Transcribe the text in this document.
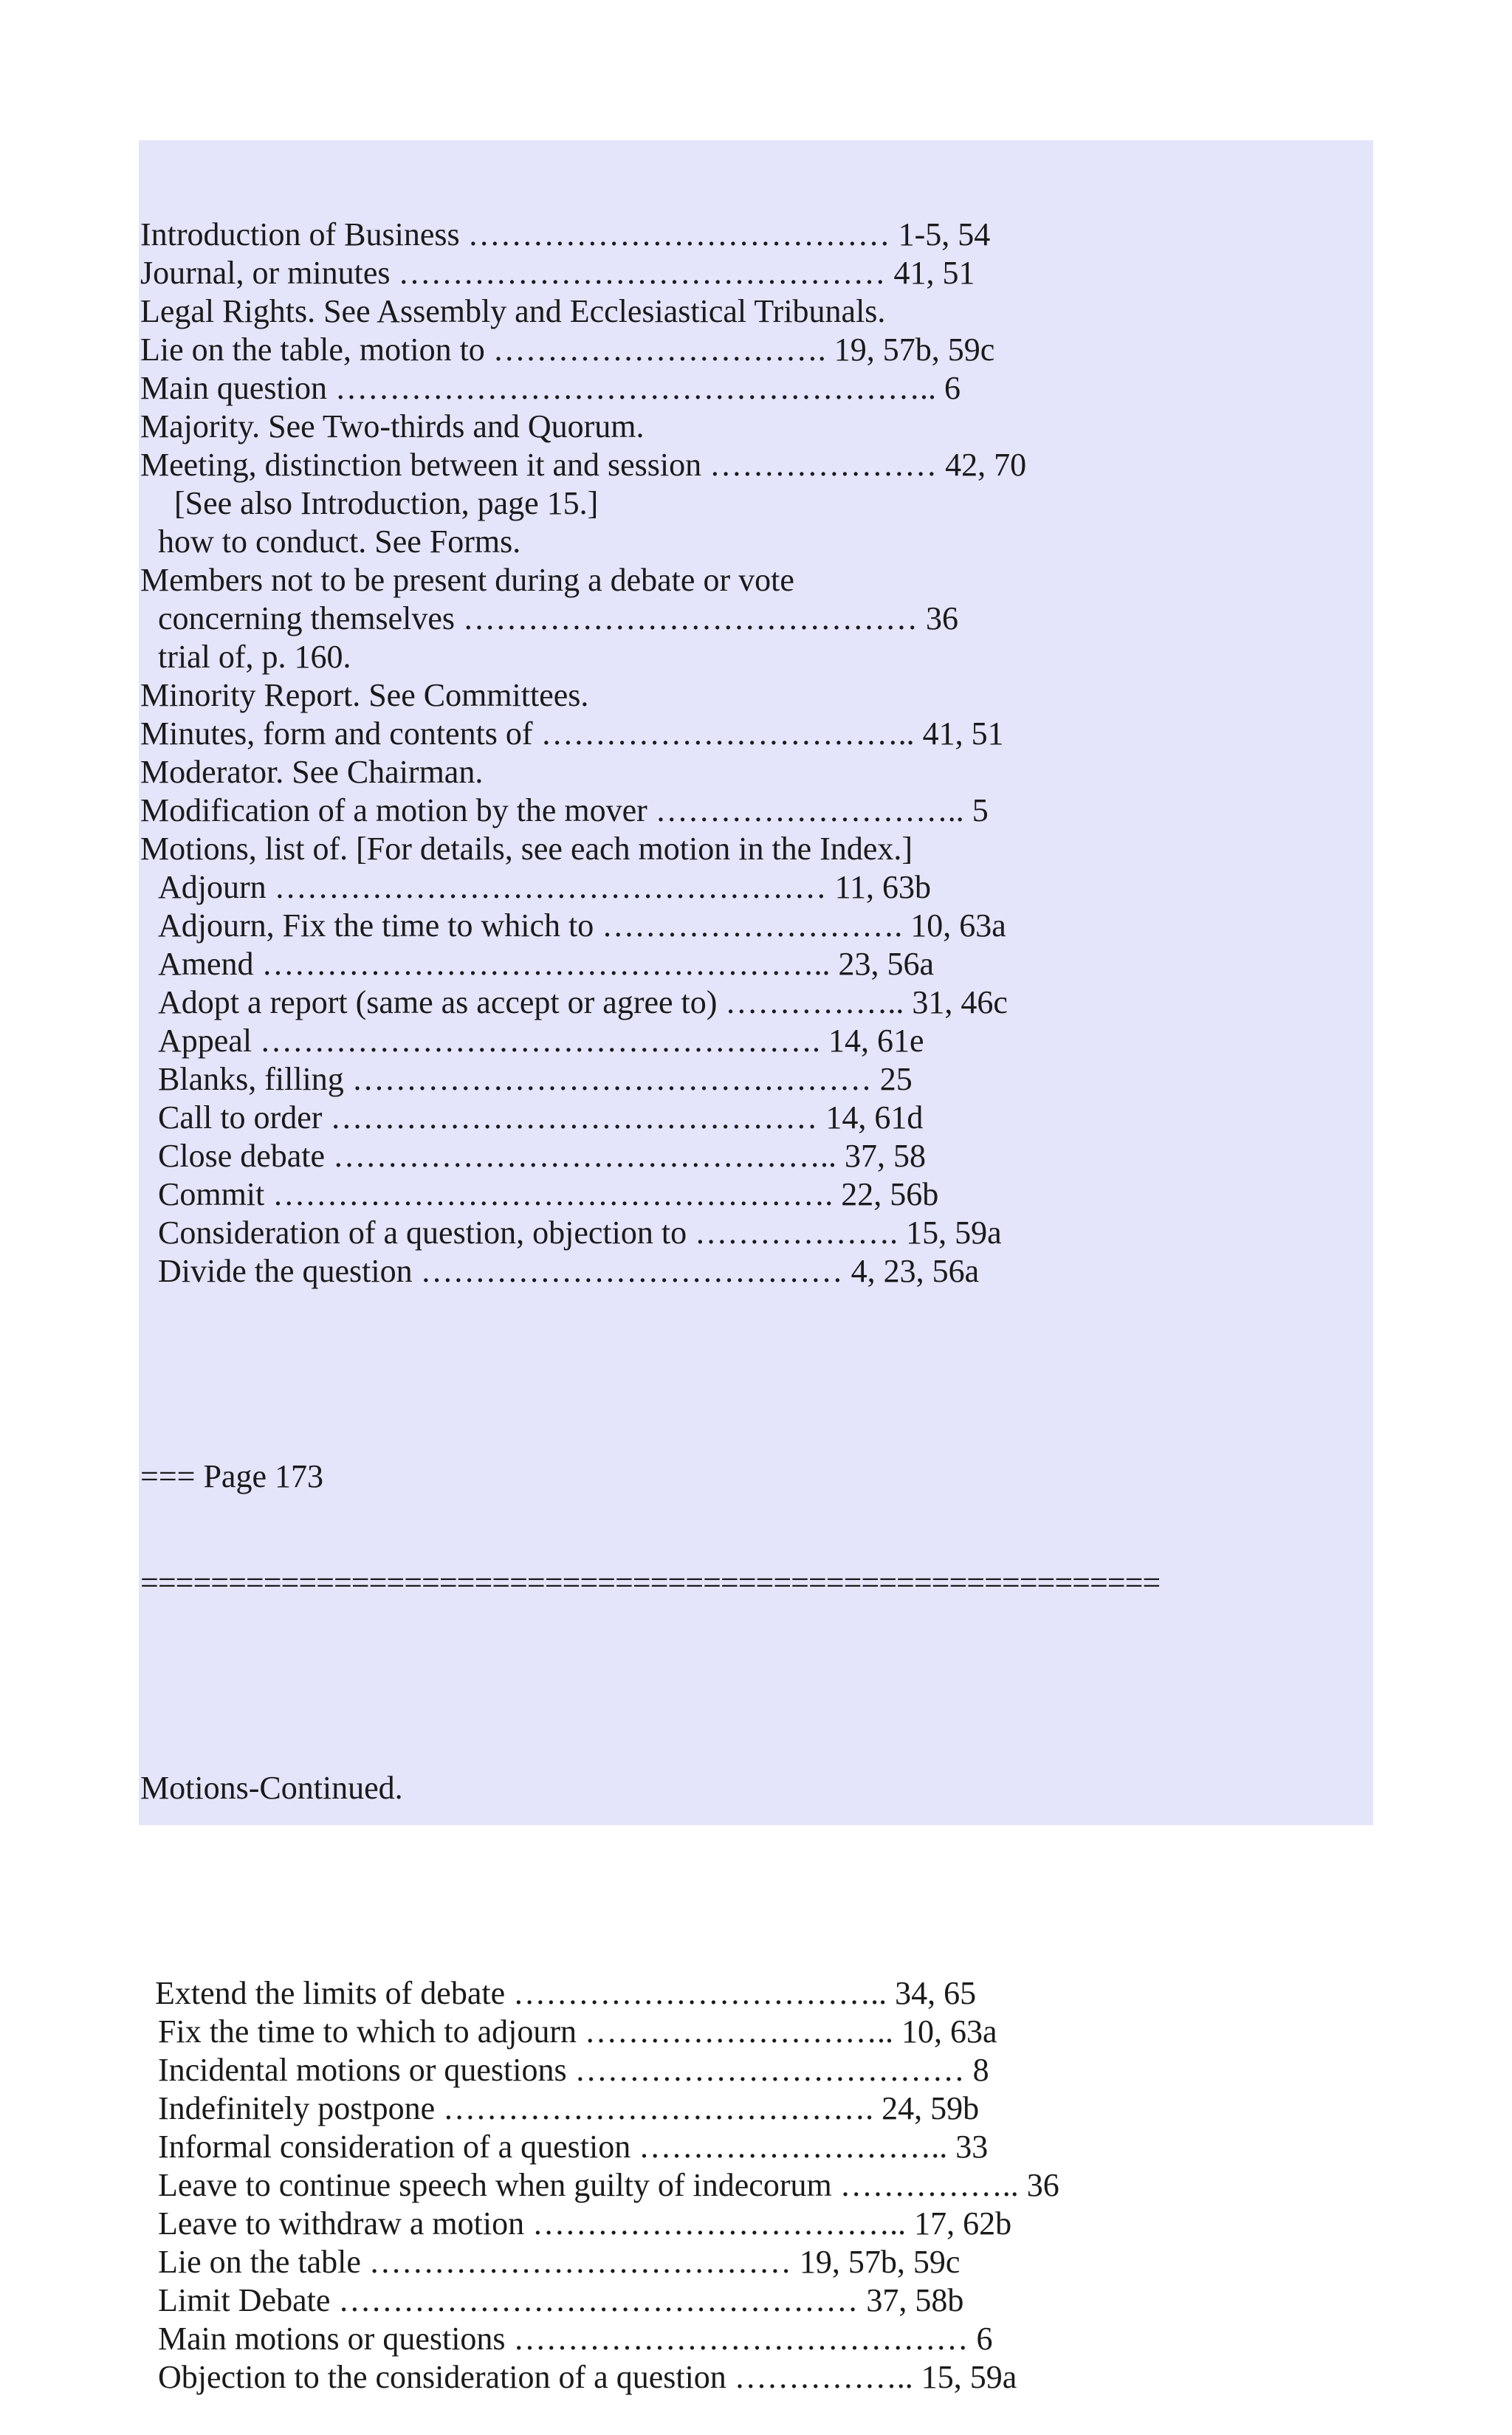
Introduction of Business ………………………………… 1-5, 54
Journal, or minutes ……………………………………… 41, 51
Legal Rights. See Assembly and Ecclesiastical Tribunals.
Lie on the table, motion to …………………………. 19, 57b, 59c
Main question ……………………………………………….. 6
Majority. See Two-thirds and Quorum.
Meeting, distinction between it and session ………………… 42, 70
[See also Introduction, page 15.]
how to conduct. See Forms.
Members not to be present during a debate or vote
concerning themselves …………………………………… 36
trial of, p. 160.
Minority Report. See Committees.
Minutes, form and contents of …………………………….. 41, 51
Moderator. See Chairman.
Modification of a motion by the mover ……………………….. 5
Motions, list of. [For details, see each motion in the Index.]
Adjourn …………………………………………… 11, 63b
Adjourn, Fix the time to which to ………………………. 10, 63a
Amend …………………………………………….. 23, 56a
Adopt a report (same as accept or agree to) …………….. 31, 46c
Appeal ……………………………………………. 14, 61e
Blanks, filling ………………………………………… 25
Call to order ……………………………………… 14, 61d
Close debate ……………………………………….. 37, 58
Commit ……………………………………………. 22, 56b
Consideration of a question, objection to ………………. 15, 59a
Divide the question ………………………………… 4, 23, 56a

=== Page 173

==========================================================

Motions-Continued.

Extend the limits of debate …………………………….. 34, 65
Fix the time to which to adjourn ……………………….. 10, 63a
Incidental motions or questions ……………………………… 8
Indefinitely postpone …………………………………. 24, 59b
Informal consideration of a question ……………………….. 33
Leave to continue speech when guilty of indecorum …………….. 36
Leave to withdraw a motion …………………………….. 17, 62b
Lie on the table ………………………………… 19, 57b, 59c
Limit Debate ………………………………………… 37, 58b
Main motions or questions …………………………………… 6
Objection to the consideration of a question …………….. 15, 59a
